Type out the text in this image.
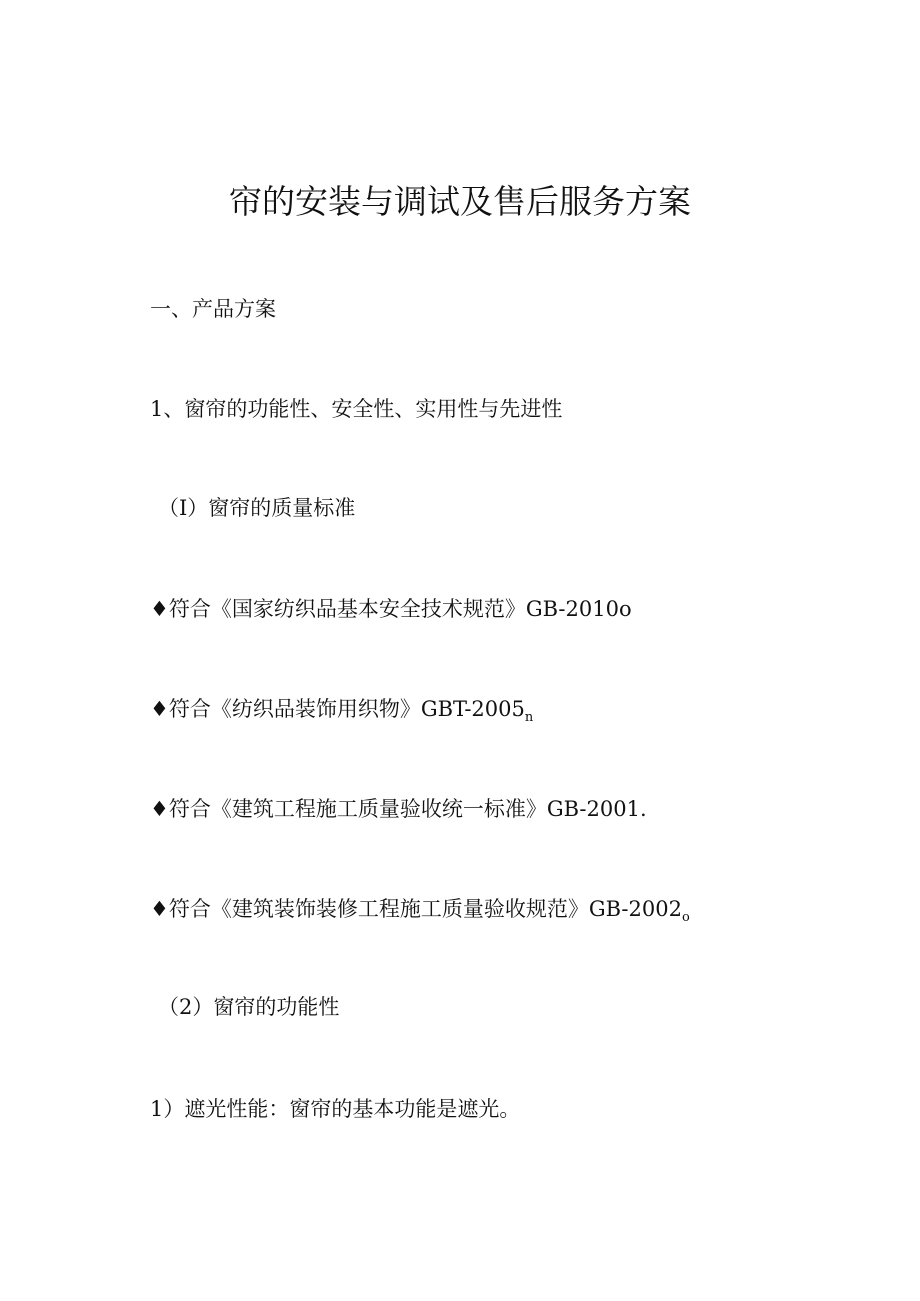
帘的安装与调试及售后服务方案
一、产品方案
1、窗帘的功能性、安全性、实用性与先进性
（I）窗帘的质量标准
♦符合《国家纺织品基本安全技术规范》GB-2010o
♦符合《纺织品装饰用织物》GBT-$2005_n$
♦符合《建筑工程施工质量验收统一标准》GB-2001.
♦符合《建筑装饰装修工程施工质量验收规范》$GB-2002_o$
（2）窗帘的功能性
1）遮光性能：窗帘的基本功能是遮光。
